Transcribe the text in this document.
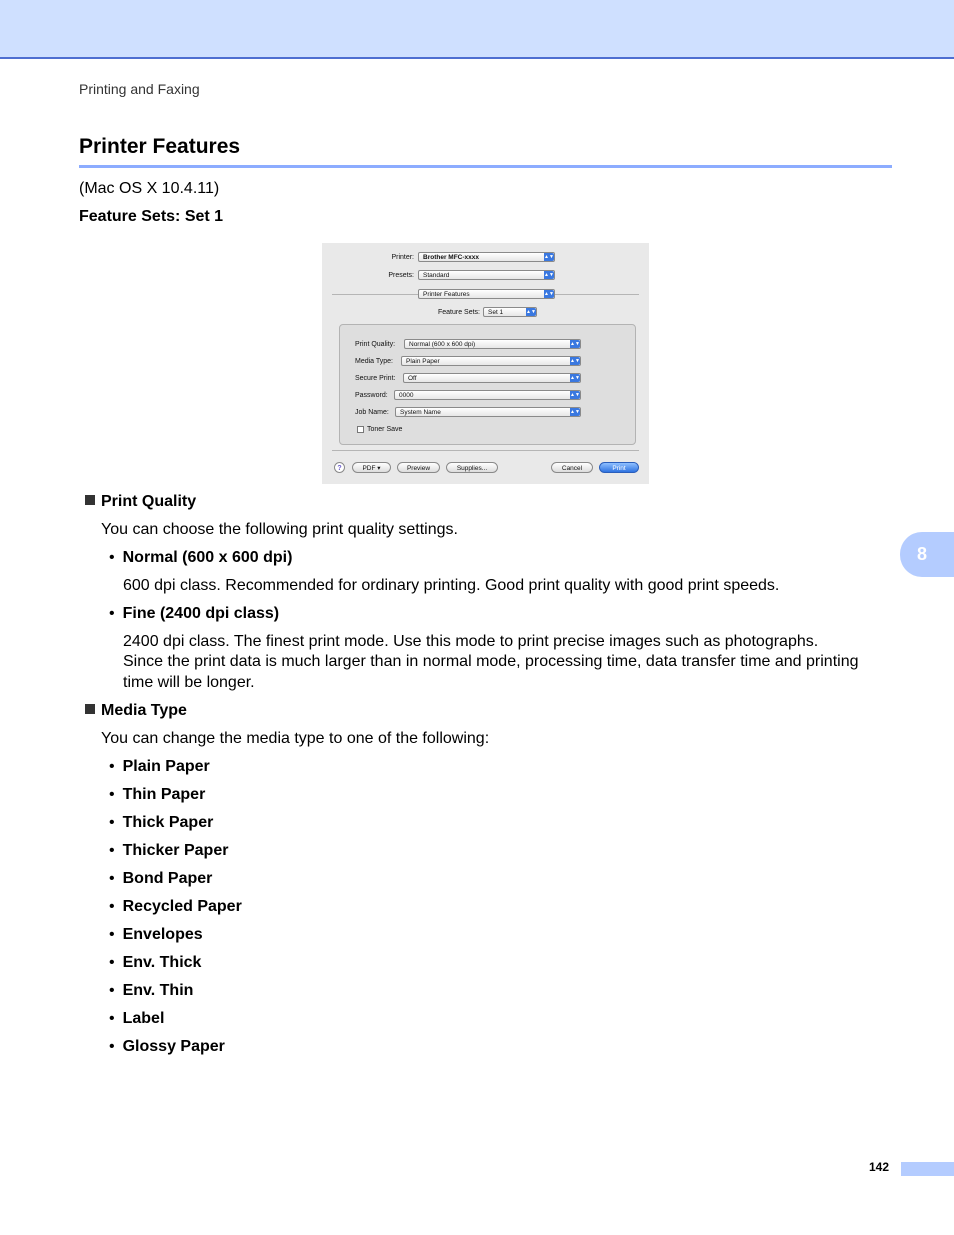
Printing and Faxing
Printer Features
(Mac OS X 10.4.11)
Feature Sets: Set 1
Printer:	Brother MFC-xxxx	▲▼
Presets:	Standard	▲▼
Printer Features	▲▼
Feature Sets:	Set 1	▲▼
Print Quality:	Normal (600 x 600 dpi)	▲▼
Media Type:	Plain Paper	▲▼
Secure Print:	Off	▲▼
Password:	0000	▲▼
Job Name:	System Name	▲▼
Toner Save
?	PDF ▾	Preview	Supplies...	Cancel	Print
Print Quality
You can choose the following print quality settings.
• Normal (600 x 600 dpi)
600 dpi class. Recommended for ordinary printing. Good print quality with good print speeds.
• Fine (2400 dpi class)
2400 dpi class. The finest print mode. Use this mode to print precise images such as photographs.
Since the print data is much larger than in normal mode, processing time, data transfer time and printing
time will be longer.
Media Type
You can change the media type to one of the following:
• Plain Paper
• Thin Paper
• Thick Paper
• Thicker Paper
• Bond Paper
• Recycled Paper
• Envelopes
• Env. Thick
• Env. Thin
• Label
• Glossy Paper
8
142
